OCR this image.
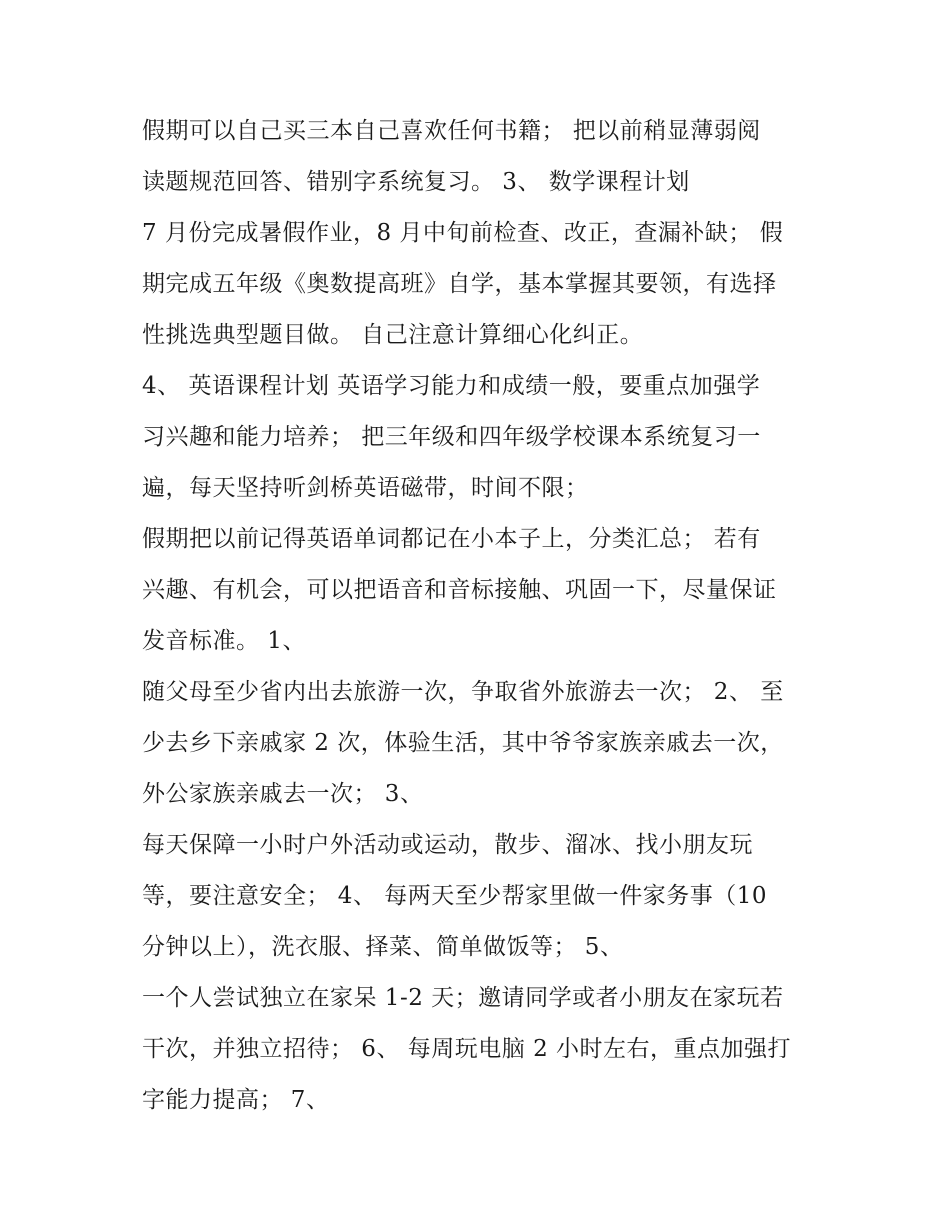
假期可以自己买三本自己喜欢任何书籍； 把以前稍显薄弱阅
读题规范回答、错别字系统复习。 3、 数学课程计划
7 月份完成暑假作业，8 月中旬前检查、改正，查漏补缺； 假
期完成五年级《奥数提高班》自学，基本掌握其要领，有选择
性挑选典型题目做。 自己注意计算细心化纠正。
4、 英语课程计划 英语学习能力和成绩一般，要重点加强学
习兴趣和能力培养； 把三年级和四年级学校课本系统复习一
遍，每天坚持听剑桥英语磁带，时间不限；
假期把以前记得英语单词都记在小本子上，分类汇总； 若有
兴趣、有机会，可以把语音和音标接触、巩固一下，尽量保证
发音标准。 1、
随父母至少省内出去旅游一次，争取省外旅游去一次； 2、 至
少去乡下亲戚家 2 次，体验生活，其中爷爷家族亲戚去一次，
外公家族亲戚去一次； 3、
每天保障一小时户外活动或运动，散步、溜冰、找小朋友玩
等，要注意安全； 4、 每两天至少帮家里做一件家务事（10
分钟以上），洗衣服、择菜、简单做饭等； 5、
一个人尝试独立在家呆 1-2 天；邀请同学或者小朋友在家玩若
干次，并独立招待； 6、 每周玩电脑 2 小时左右，重点加强打
字能力提高； 7、
